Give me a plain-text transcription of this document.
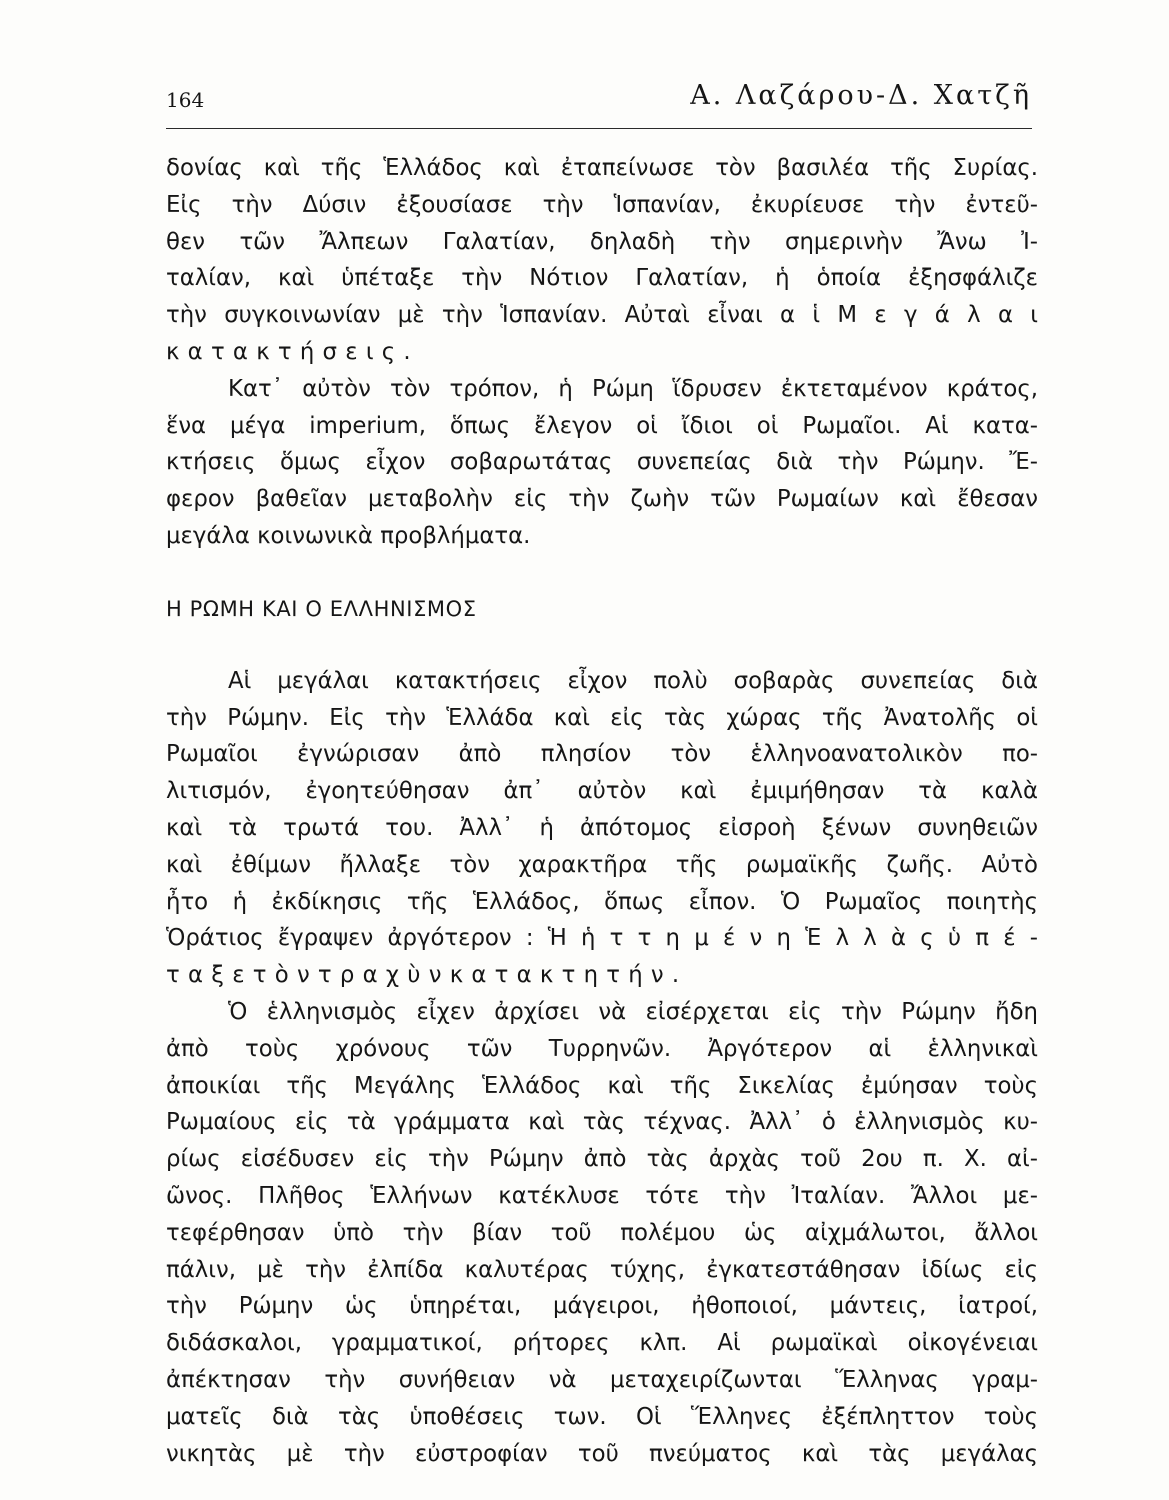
164	Α. Λαζάρου-Δ. Χατζῆ
δονίας καὶ τῆς Ἑλλάδος καὶ ἐταπείνωσε τὸν βασιλέα τῆς Συρίας.
Εἰς τὴν Δύσιν ἐξουσίασε τὴν Ἱσπανίαν, ἐκυρίευσε τὴν ἐντεῦ-
θεν τῶν Ἄλπεων Γαλατίαν, δηλαδὴ τὴν σημερινὴν Ἄνω Ἰ-
ταλίαν, καὶ ὑπέταξε τὴν Νότιον Γαλατίαν, ἡ ὁποία ἐξησφάλιζε
τὴν συγκοινωνίαν μὲ τὴν Ἱσπανίαν. Αὐταὶ εἶναι α ἱ Μ ε γ ά λ α ι
κ α τ α κ τ ή σ ε ι ς .
Κατ᾽ αὐτὸν τὸν τρόπον, ἡ Ρώμη ἵδρυσεν ἐκτεταμένον κράτος,
ἕνα μέγα imperium, ὅπως ἔλεγον οἱ ἴδιοι οἱ Ρωμαῖοι. Αἱ κατα-
κτήσεις ὅμως εἶχον σοβαρωτάτας συνεπείας διὰ τὴν Ρώμην. Ἔ-
φερον βαθεῖαν μεταβολὴν εἰς τὴν ζωὴν τῶν Ρωμαίων καὶ ἔθεσαν
μεγάλα κοινωνικὰ προβλήματα.
Η ΡΩΜΗ ΚΑΙ Ο ΕΛΛΗΝΙΣΜΟΣ
Αἱ μεγάλαι κατακτήσεις εἶχον πολὺ σοβαρὰς συνεπείας διὰ
τὴν Ρώμην. Εἰς τὴν Ἑλλάδα καὶ εἰς τὰς χώρας τῆς Ἀνατολῆς οἱ
Ρωμαῖοι ἐγνώρισαν ἀπὸ πλησίον τὸν ἑλληνοανατολικὸν πο-
λιτισμόν, ἐγοητεύθησαν ἀπ᾽ αὐτὸν καὶ ἐμιμήθησαν τὰ καλὰ
καὶ τὰ τρωτά του. Ἀλλ᾽ ἡ ἀπότομος εἰσροὴ ξένων συνηθειῶν
καὶ ἐθίμων ἤλλαξε τὸν χαρακτῆρα τῆς ρωμαϊκῆς ζωῆς. Αὐτὸ
ἦτο ἡ ἐκδίκησις τῆς Ἑλλάδος, ὅπως εἶπον. Ὁ Ρωμαῖος ποιητὴς
Ὁράτιος ἔγραψεν ἀργότερον : Ἡ ἡ τ τ η μ έ ν η Ἑ λ λ ὰ ς ὑ π έ -
τ α ξ ε τ ὸ ν τ ρ α χ ὺ ν κ α τ α κ τ η τ ή ν .
Ὁ ἑλληνισμὸς εἶχεν ἀρχίσει νὰ εἰσέρχεται εἰς τὴν Ρώμην ἤδη
ἀπὸ τοὺς χρόνους τῶν Τυρρηνῶν. Ἀργότερον αἱ ἑλληνικαὶ
ἀποικίαι τῆς Μεγάλης Ἑλλάδος καὶ τῆς Σικελίας ἐμύησαν τοὺς
Ρωμαίους εἰς τὰ γράμματα καὶ τὰς τέχνας. Ἀλλ᾽ ὁ ἑλληνισμὸς κυ-
ρίως εἰσέδυσεν εἰς τὴν Ρώμην ἀπὸ τὰς ἀρχὰς τοῦ 2ου π. Χ. αἰ-
ῶνος. Πλῆθος Ἑλλήνων κατέκλυσε τότε τὴν Ἰταλίαν. Ἄλλοι με-
τεφέρθησαν ὑπὸ τὴν βίαν τοῦ πολέμου ὡς αἰχμάλωτοι, ἄλλοι
πάλιν, μὲ τὴν ἐλπίδα καλυτέρας τύχης, ἐγκατεστάθησαν ἰδίως εἰς
τὴν Ρώμην ὡς ὑπηρέται, μάγειροι, ἠθοποιοί, μάντεις, ἰατροί,
διδάσκαλοι, γραμματικοί, ρήτορες κλπ. Αἱ ρωμαϊκαὶ οἰκογένειαι
ἀπέκτησαν τὴν συνήθειαν νὰ μεταχειρίζωνται Ἕλληνας γραμ-
ματεῖς διὰ τὰς ὑποθέσεις των. Οἱ Ἕλληνες ἐξέπληττον τοὺς
νικητὰς μὲ τὴν εὐστροφίαν τοῦ πνεύματος καὶ τὰς μεγάλας
